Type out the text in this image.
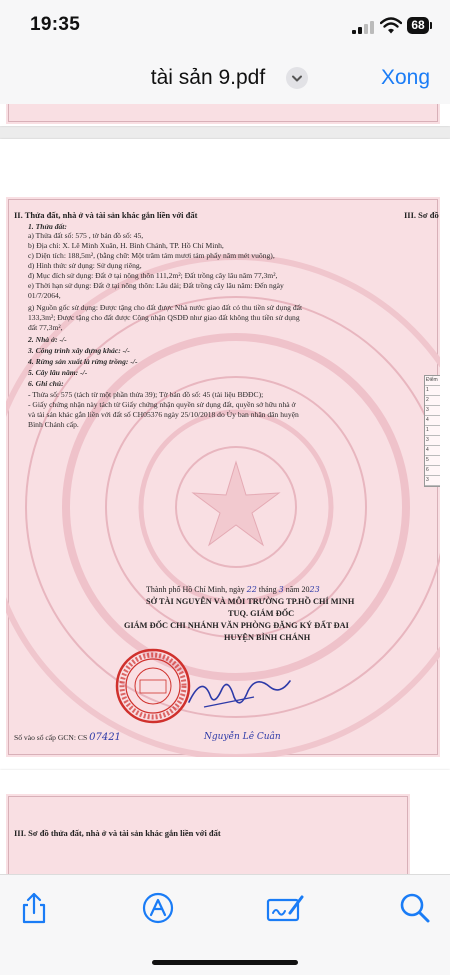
19:35	68
tài sản 9.pdf	Xong
II. Thửa đất, nhà ở và tài sản khác gắn liền với đất	III. Sơ đồ
1. Thửa đất:
a) Thửa đất số: 575 , tờ bản đồ số: 45,
b) Địa chỉ: X. Lê Minh Xuân, H. Bình Chánh, TP. Hồ Chí Minh,
c) Diện tích: 188,5m², (bằng chữ: Một trăm tám mươi tám phẩy năm mét vuông),
d) Hình thức sử dụng: Sử dụng riêng,
đ) Mục đích sử dụng: Đất ở tại nông thôn 111,2m²; Đất trồng cây lâu năm 77,3m²,
e) Thời hạn sử dụng: Đất ở tại nông thôn: Lâu dài; Đất trồng cây lâu năm: Đến ngày
01/7/2064,
g) Nguồn gốc sử dụng: Được tặng cho đất được Nhà nước giao đất có thu tiền sử dụng đất
133,3m²; Được tặng cho đất được Công nhận QSDĐ như giao đất không thu tiền sử dụng
đất 77,3m²,
2. Nhà ở: -/-
3. Công trình xây dựng khác: -/-
4. Rừng sản xuất là rừng trồng: -/-
5. Cây lâu năm: -/-
6. Ghi chú:
- Thửa số: 575 (tách từ một phần thửa 39); Tờ bản đồ số: 45 (tài liệu BĐĐC);
- Giấy chứng nhận này tách từ Giấy chứng nhận quyền sử dụng đất, quyền sở hữu nhà ở
và tài sản khác gắn liền với đất số CH05376 ngày 25/10/2018 do Ủy ban nhân dân huyện
Bình Chánh cấp.
Điểm
1
2
3
4
1
3
4
5
6
3
Thành phố Hồ Chí Minh, ngày 22 tháng 3 năm 2023
SỞ TÀI NGUYÊN VÀ MÔI TRƯỜNG TP.HỒ CHÍ MINH
TUQ. GIÁM ĐỐC
GIÁM ĐỐC CHI NHÁNH VĂN PHÒNG ĐĂNG KÝ ĐẤT ĐAI
HUYỆN BÌNH CHÁNH
Nguyễn Lê Cuân
Số vào sổ cấp GCN: CS 07421
III. Sơ đồ thửa đất, nhà ở và tài sản khác gắn liền với đất
